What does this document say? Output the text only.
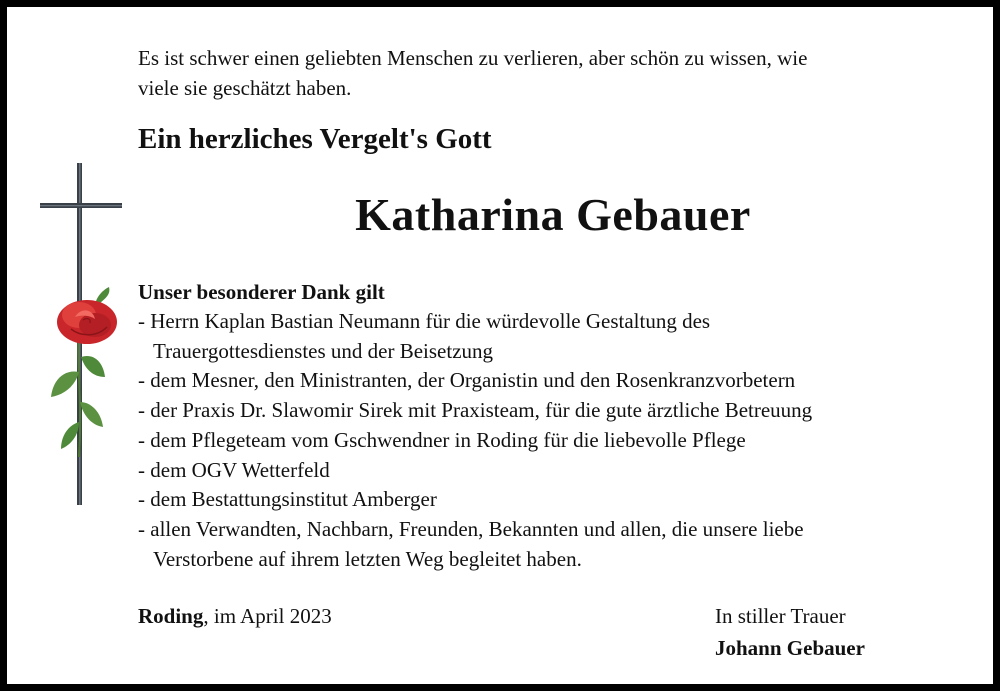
Es ist schwer einen geliebten Menschen zu verlieren, aber schön zu wissen, wie
viele sie geschätzt haben.
Ein herzliches Vergelt's Gott
Katharina Gebauer
Unser besonderer Dank gilt
- Herrn Kaplan Bastian Neumann für die würdevolle Gestaltung des
Trauergottesdienstes und der Beisetzung
- dem Mesner, den Ministranten, der Organistin und den Rosenkranzvorbetern
- der Praxis Dr. Slawomir Sirek mit Praxisteam, für die gute ärztliche Betreuung
- dem Pflegeteam vom Gschwendner in Roding für die liebevolle Pflege
- dem OGV Wetterfeld
- dem Bestattungsinstitut Amberger
- allen Verwandten, Nachbarn, Freunden, Bekannten und allen, die unsere liebe
Verstorbene auf ihrem letzten Weg begleitet haben.
Roding, im April 2023	In stiller Trauer
Johann Gebauer
